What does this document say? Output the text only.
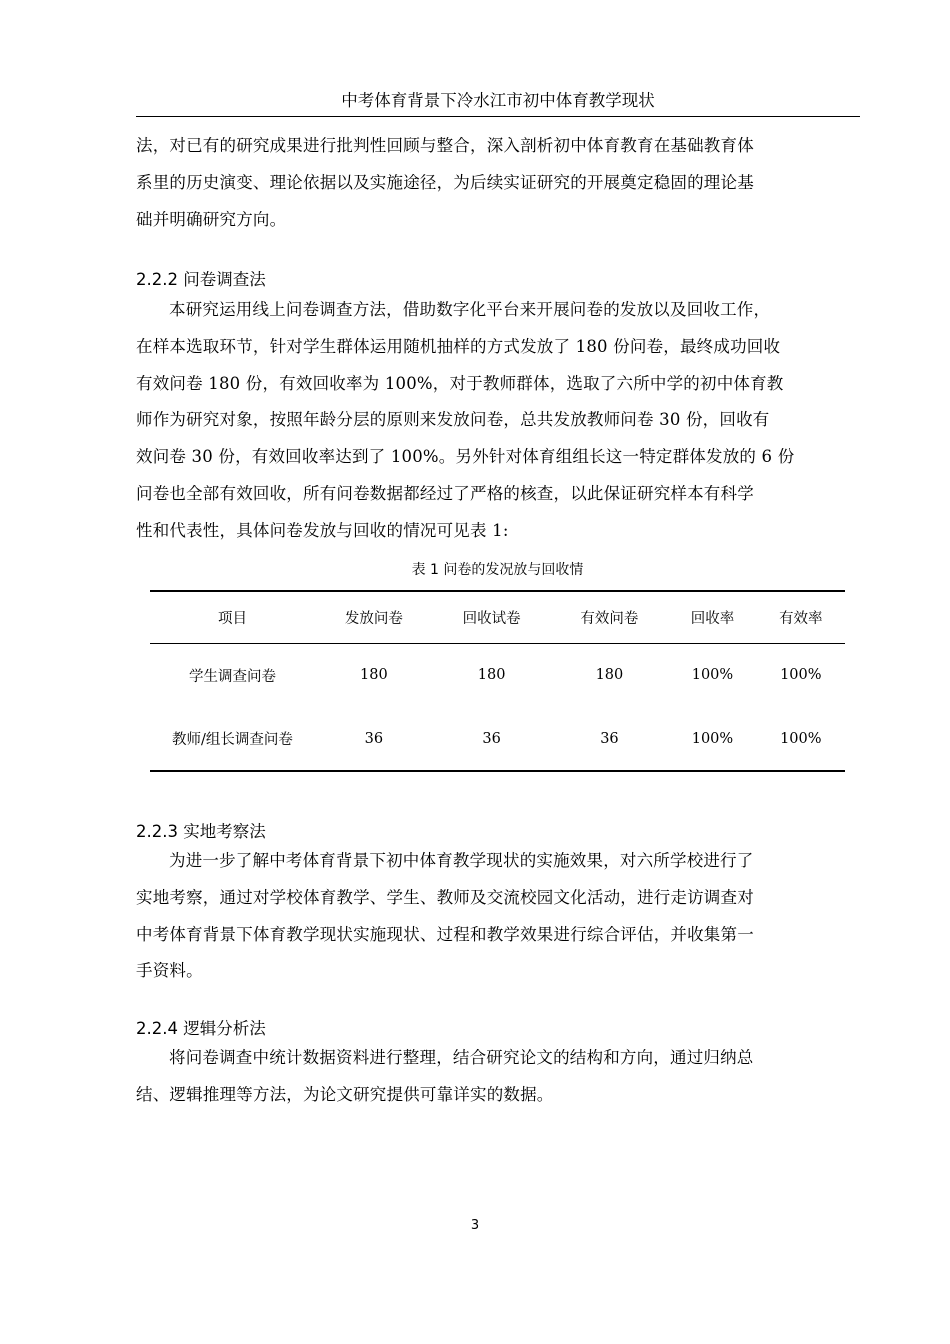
中考体育背景下冷水江市初中体育教学现状

法，对已有的研究成果进行批判性回顾与整合，深入剖析初中体育教育在基础教育体
系里的历史演变、理论依据以及实施途径，为后续实证研究的开展奠定稳固的理论基
础并明确研究方向。

2.2.2 问卷调查法

本研究运用线上问卷调查方法，借助数字化平台来开展问卷的发放以及回收工作，
在样本选取环节，针对学生群体运用随机抽样的方式发放了 180 份问卷，最终成功回收
有效问卷 180 份，有效回收率为 100%，对于教师群体，选取了六所中学的初中体育教
师作为研究对象，按照年龄分层的原则来发放问卷，总共发放教师问卷 30 份，回收有
效问卷 30 份，有效回收率达到了 100%。另外针对体育组组长这一特定群体发放的 6 份
问卷也全部有效回收，所有问卷数据都经过了严格的核查，以此保证研究样本有科学
性和代表性，具体问卷发放与回收的情况可见表 1:

表 1 问卷的发况放与回收情
项目	发放问卷	回收试卷	有效问卷	回收率	有效率
学生调查问卷	180	180	180	100%	100%
教师/组长调查问卷	36	36	36	100%	100%
2.2.3 实地考察法

为进一步了解中考体育背景下初中体育教学现状的实施效果，对六所学校进行了
实地考察，通过对学校体育教学、学生、教师及交流校园文化活动，进行走访调查对
中考体育背景下体育教学现状实施现状、过程和教学效果进行综合评估，并收集第一
手资料。

2.2.4 逻辑分析法

将问卷调查中统计数据资料进行整理，结合研究论文的结构和方向，通过归纳总
结、逻辑推理等方法，为论文研究提供可靠详实的数据。

3
